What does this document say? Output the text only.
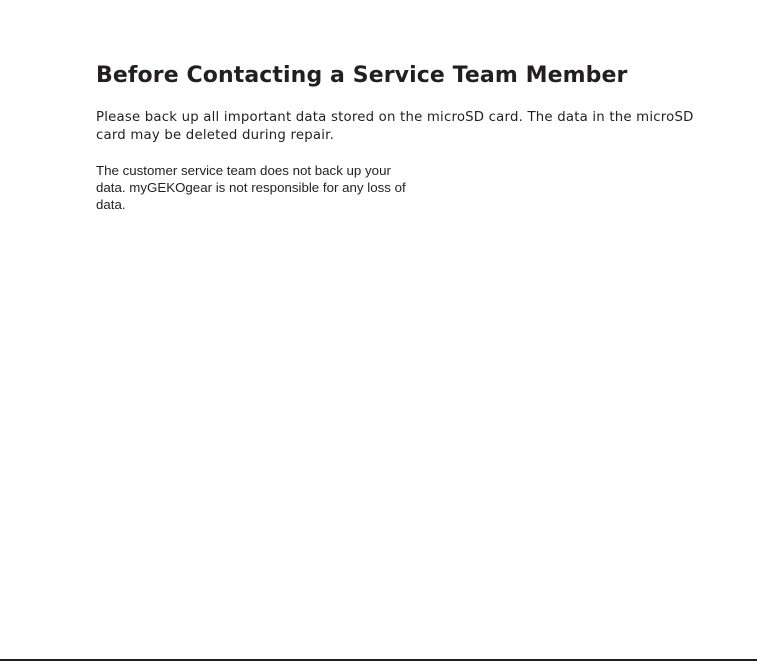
Before Contacting a Service Team Member

Please back up all important data stored on the microSD card. The data in the microSD card may be deleted during repair.

The customer service team does not back up your
data. myGEKOgear is not responsible for any loss of
data.
